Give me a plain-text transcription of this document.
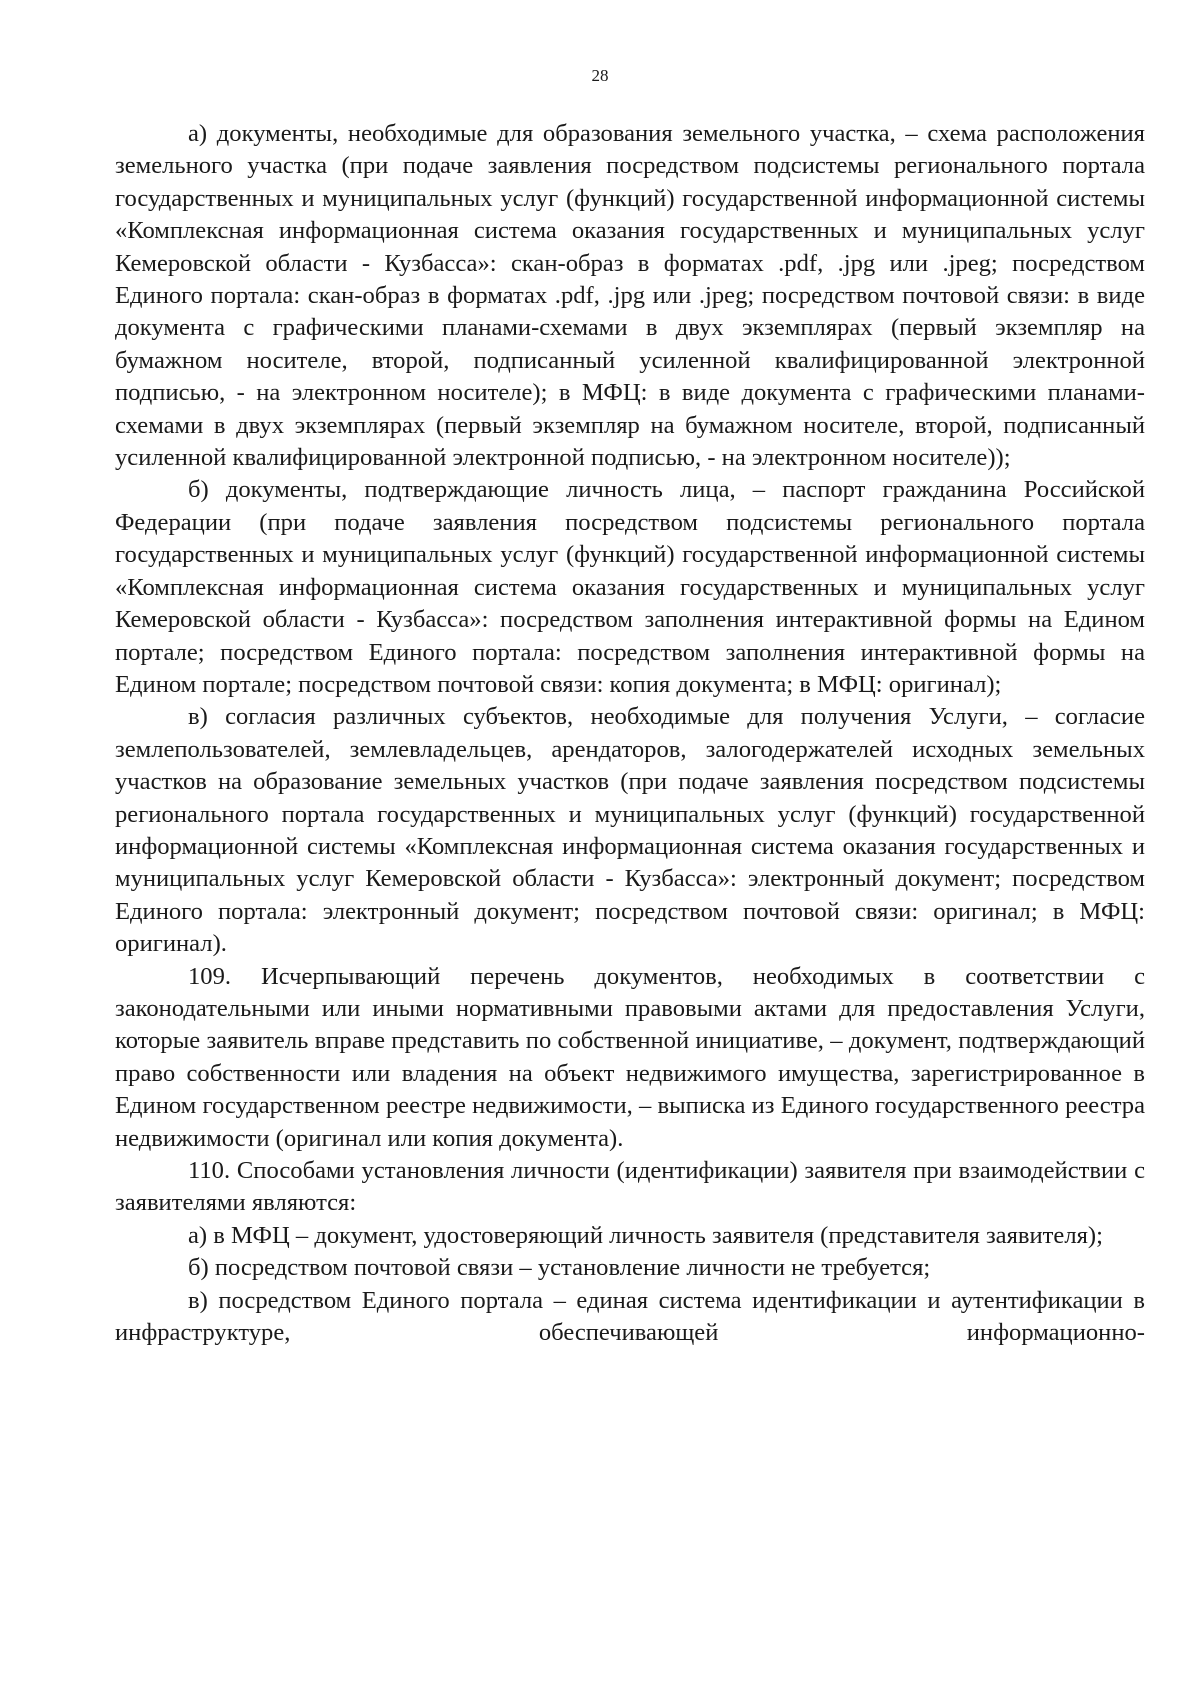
28

а) документы, необходимые для образования земельного участка, – схема расположения земельного участка (при подаче заявления посредством подсистемы регионального портала государственных и муниципальных услуг (функций) государственной информационной системы «Комплексная информационная система оказания государственных и муниципальных услуг Кемеровской области - Кузбасса»: скан-образ в форматах .pdf, .jpg или .jpeg; посредством Единого портала: скан-образ в форматах .pdf, .jpg или .jpeg; посредством почтовой связи: в виде документа с графическими планами-схемами в двух экземплярах (первый экземпляр на бумажном носителе, второй, подписанный усиленной квалифицированной электронной подписью, - на электронном носителе); в МФЦ: в виде документа с графическими планами-схемами в двух экземплярах (первый экземпляр на бумажном носителе, второй, подписанный усиленной квалифицированной электронной подписью, - на электронном носителе));

б) документы, подтверждающие личность лица, – паспорт гражданина Российской Федерации (при подаче заявления посредством подсистемы регионального портала государственных и муниципальных услуг (функций) государственной информационной системы «Комплексная информационная система оказания государственных и муниципальных услуг Кемеровской области - Кузбасса»: посредством заполнения интерактивной формы на Едином портале; посредством Единого портала: посредством заполнения интерактивной формы на Едином портале; посредством почтовой связи: копия документа; в МФЦ: оригинал);

в) согласия различных субъектов, необходимые для получения Услуги, – согласие землепользователей, землевладельцев, арендаторов, залогодержателей исходных земельных участков на образование земельных участков (при подаче заявления посредством подсистемы регионального портала государственных и муниципальных услуг (функций) государственной информационной системы «Комплексная информационная система оказания государственных и муниципальных услуг Кемеровской области - Кузбасса»: электронный документ; посредством Единого портала: электронный документ; посредством почтовой связи: оригинал; в МФЦ: оригинал).

109. Исчерпывающий перечень документов, необходимых в соответствии с законодательными или иными нормативными правовыми актами для предоставления Услуги, которые заявитель вправе представить по собственной инициативе, – документ, подтверждающий право собственности или владения на объект недвижимого имущества, зарегистрированное в Едином государственном реестре недвижимости, – выписка из Единого государственного реестра недвижимости (оригинал или копия документа).

110. Способами установления личности (идентификации) заявителя при взаимодействии с заявителями являются:

а) в МФЦ – документ, удостоверяющий личность заявителя (представителя заявителя);

б) посредством почтовой связи – установление личности не требуется;

в) посредством Единого портала – единая система идентификации и аутентификации в инфраструктуре, обеспечивающей информационно-
